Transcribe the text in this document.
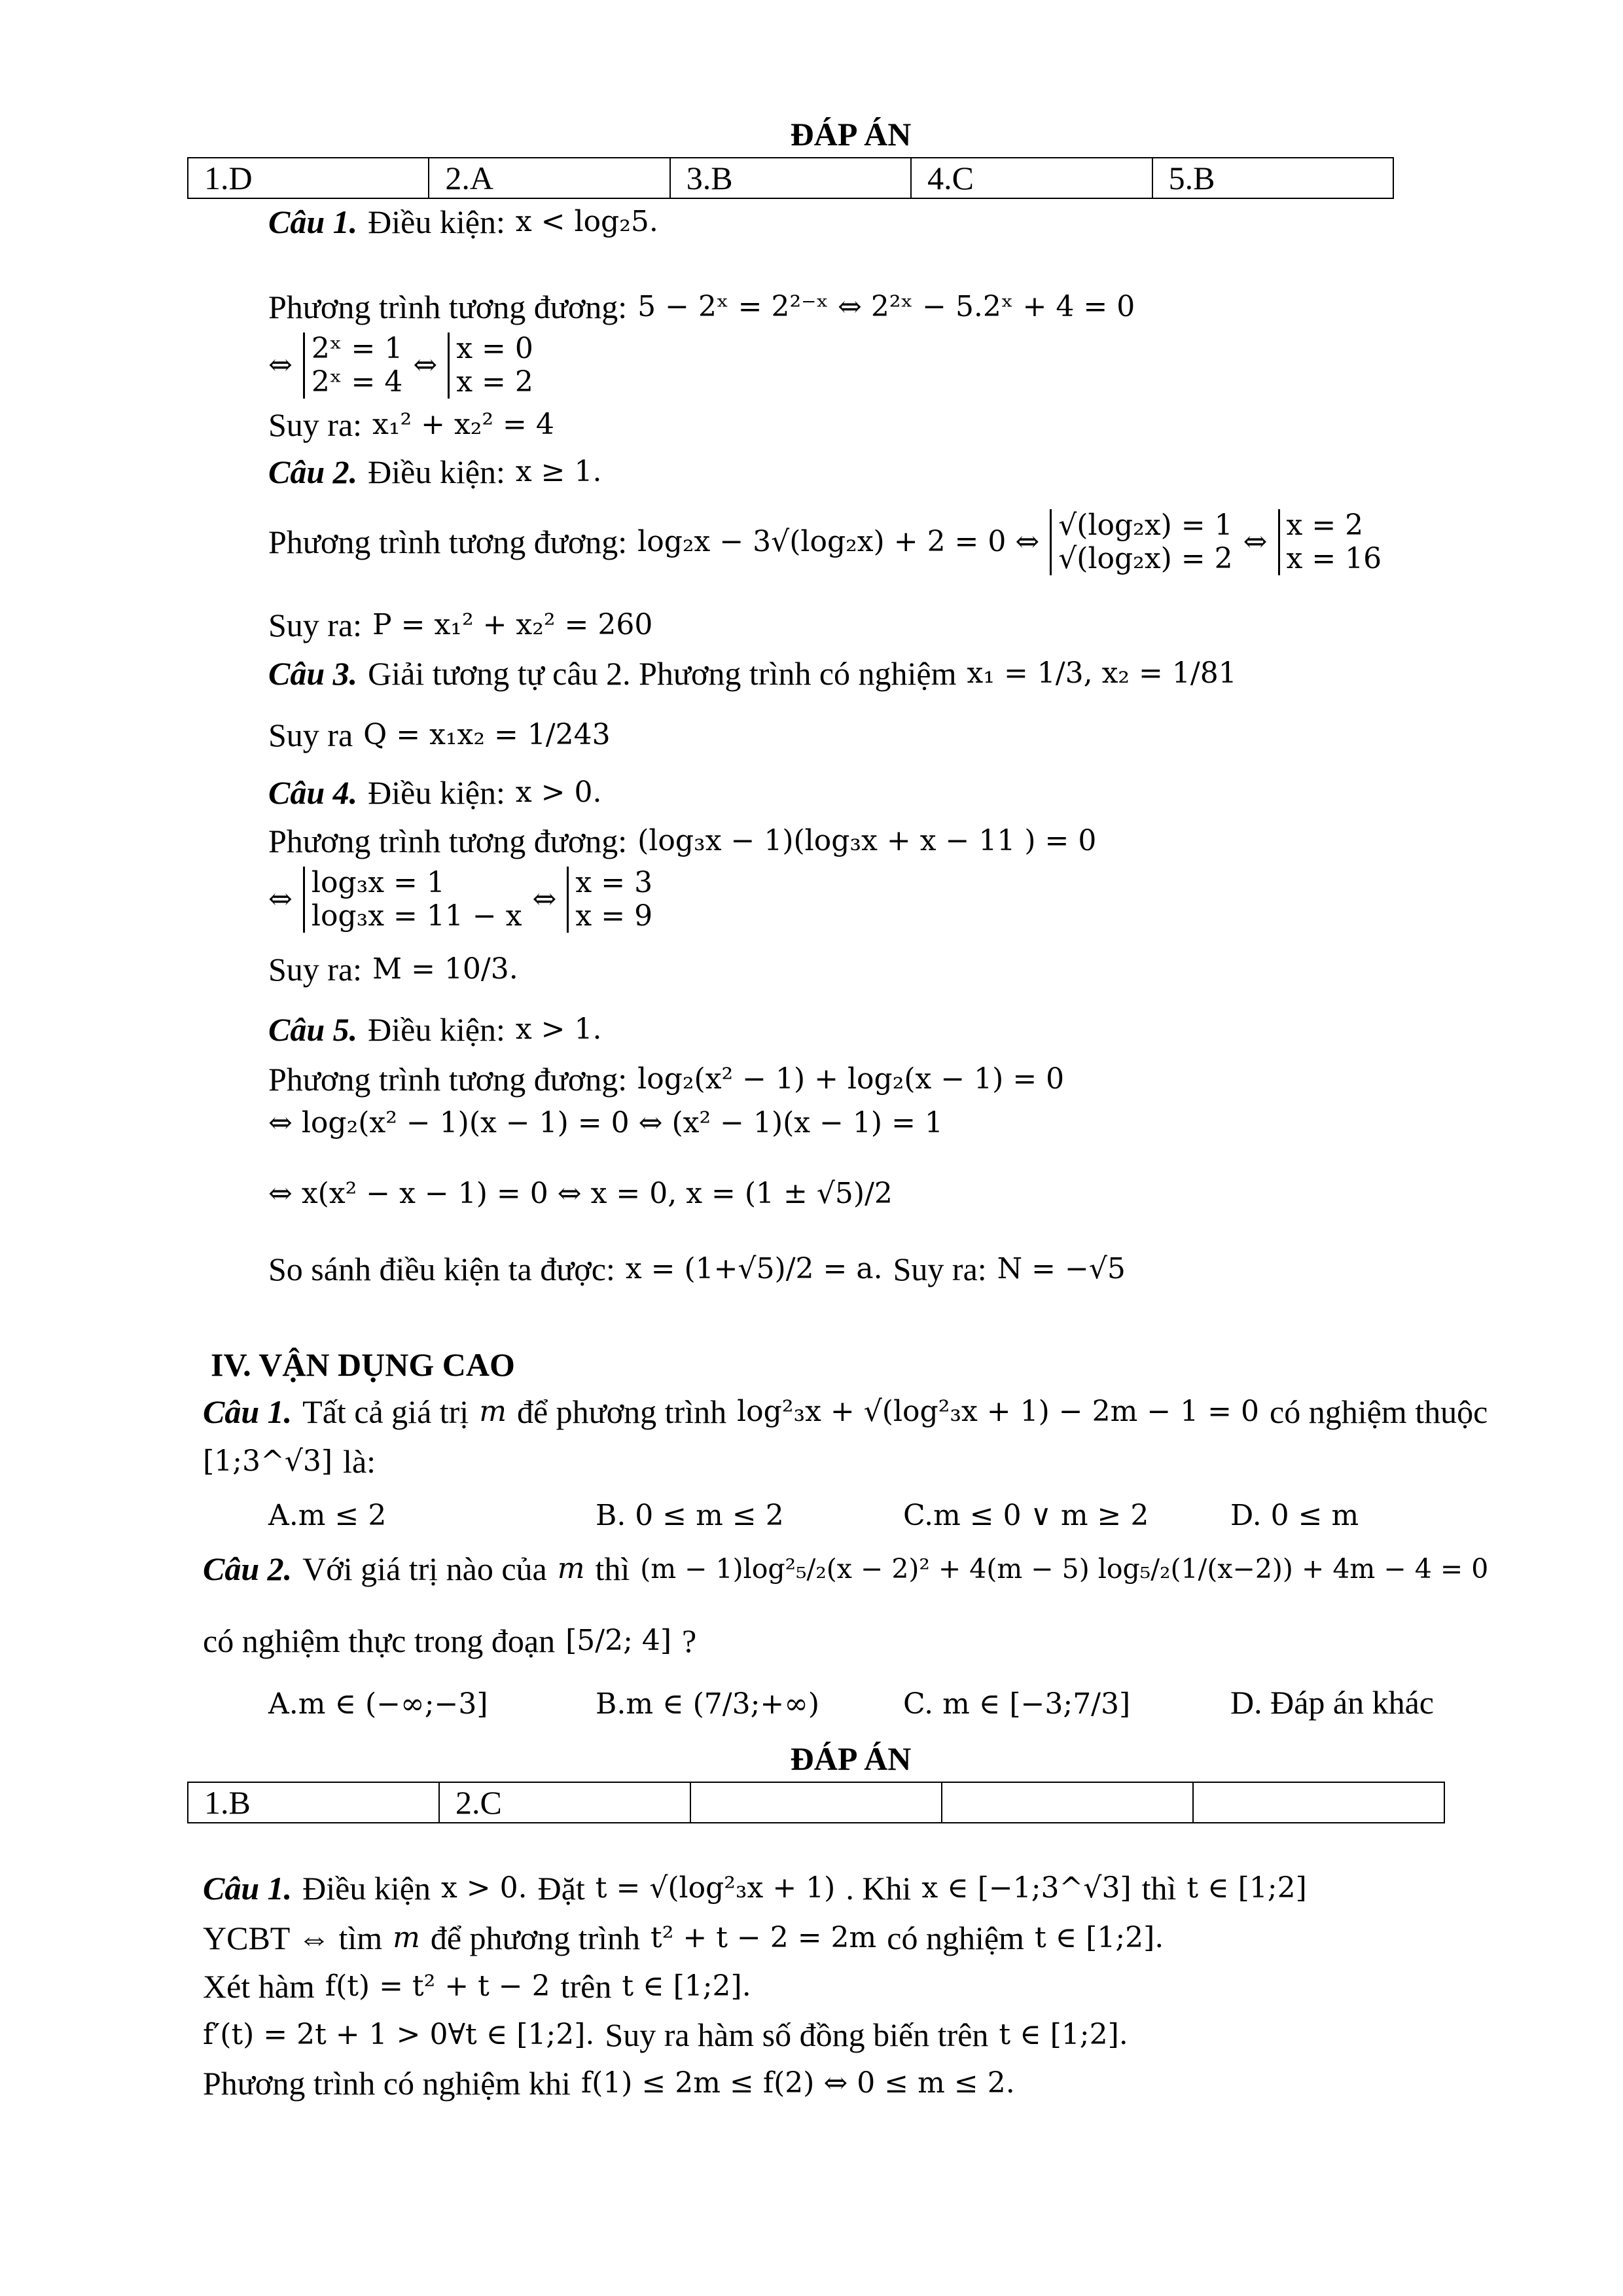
ĐÁP ÁN
1.D	2.A	3.B	4.C	5.B
Câu 1. Điều kiện: x < log₂5.
Phương trình tương đương: 5 − 2ˣ = 2²⁻ˣ ⇔ 2²ˣ − 5.2ˣ + 4 = 0
⇔ 2ˣ = 1
2ˣ = 4 ⇔ x = 0
x = 2
Suy ra: x₁² + x₂² = 4
Câu 2. Điều kiện: x ≥ 1.
Phương trình tương đương: log₂x − 3√(log₂x) + 2 = 0 ⇔ √(log₂x) = 1
√(log₂x) = 2 ⇔ x = 2
x = 16
Suy ra: P = x₁² + x₂² = 260
Câu 3. Giải tương tự câu 2. Phương trình có nghiệm x₁ = 1/3, x₂ = 1/81
Suy ra Q = x₁x₂ = 1/243
Câu 4. Điều kiện: x > 0.
Phương trình tương đương: (log₃x − 1)(log₃x + x − 11 ) = 0
⇔ log₃x = 1
log₃x = 11 − x ⇔ x = 3
x = 9
Suy ra: M = 10/3.
Câu 5. Điều kiện: x > 1.
Phương trình tương đương: log₂(x² − 1) + log₂(x − 1) = 0
⇔ log₂(x² − 1)(x − 1) = 0 ⇔ (x² − 1)(x − 1) = 1
⇔ x(x² − x − 1) = 0 ⇔ x = 0, x = (1 ± √5)/2
So sánh điều kiện ta được: x = (1+√5)/2 = a. Suy ra: N = −√5
IV. VẬN DỤNG CAO
Câu 1. Tất cả giá trị m để phương trình log²₃x + √(log²₃x + 1) − 2m − 1 = 0 có nghiệm thuộc
[1;3^√3] là:
A.m ≤ 2	B. 0 ≤ m ≤ 2	C.m ≤ 0 ∨ m ≥ 2	D. 0 ≤ m
Câu 2. Với giá trị nào của m thì (m − 1)log²₅/₂(x − 2)² + 4(m − 5) log₅/₂(1/(x−2)) + 4m − 4 = 0
có nghiệm thực trong đoạn [5/2; 4] ?
A.m ∈ (−∞;−3]	B.m ∈ (7/3;+∞)	C. m ∈ [−3;7/3]	D. Đáp án khác
ĐÁP ÁN
1.B	2.C			
Câu 1. Điều kiện x > 0. Đặt t = √(log²₃x + 1) . Khi x ∈ [−1;3^√3] thì t ∈ [1;2]
YCBT ⇔ tìm m để phương trình t² + t − 2 = 2m có nghiệm t ∈ [1;2].
Xét hàm f(t) = t² + t − 2 trên t ∈ [1;2].
f′(t) = 2t + 1 > 0∀t ∈ [1;2]. Suy ra hàm số đồng biến trên t ∈ [1;2].
Phương trình có nghiệm khi f(1) ≤ 2m ≤ f(2) ⇔ 0 ≤ m ≤ 2.
